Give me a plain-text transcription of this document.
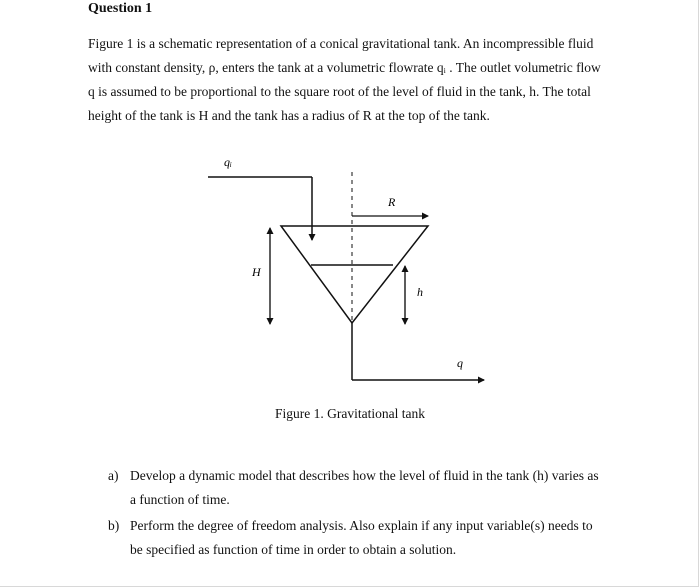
Question 1
Figure 1 is a schematic representation of a conical gravitational tank. An incompressible fluid
with constant density, ρ, enters the tank at a volumetric flowrate qᵢ . The outlet volumetric flow
q is assumed to be proportional to the square root of the level of fluid in the tank, h. The total
height of the tank is H and the tank has a radius of R at the top of the tank.
qᵢ
R
H
h
q
Figure 1. Gravitational tank
a) Develop a dynamic model that describes how the level of fluid in the tank (h) varies as
a function of time.
b) Perform the degree of freedom analysis. Also explain if any input variable(s) needs to
be specified as function of time in order to obtain a solution.
